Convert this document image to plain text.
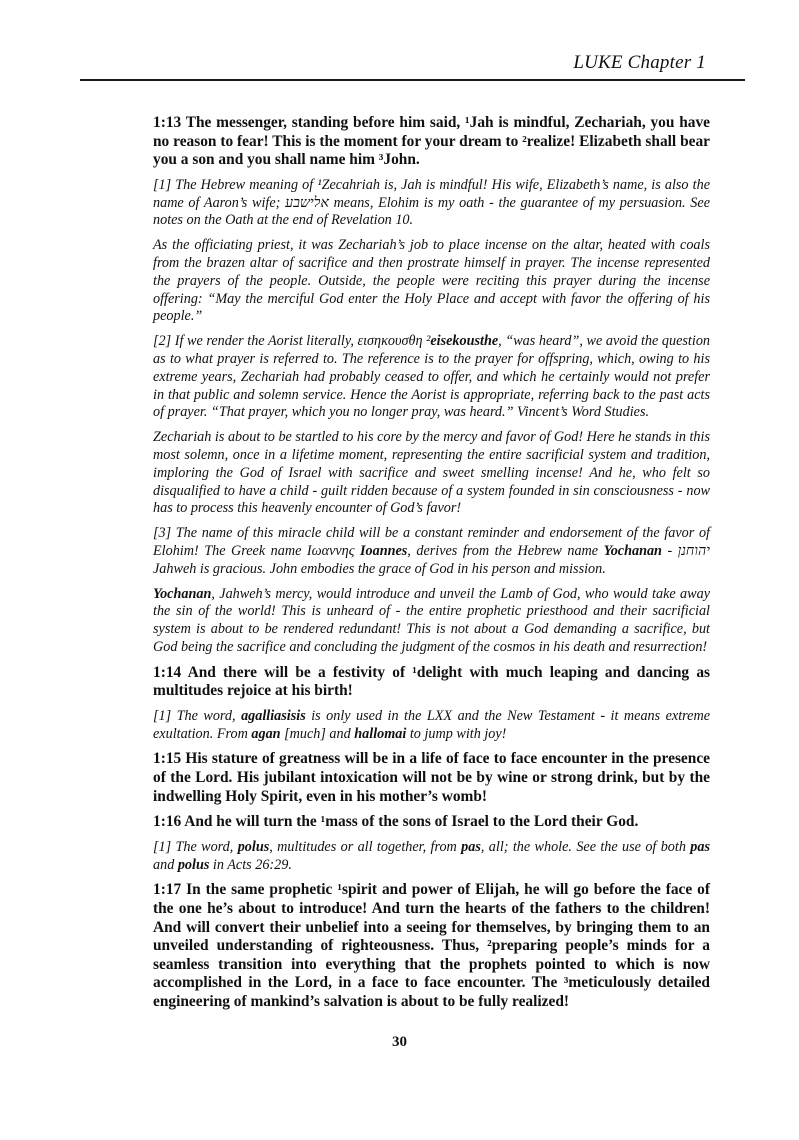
LUKE Chapter 1

1:13 The messenger, standing before him said, ¹Jah is mindful, Zechariah, you have no reason to fear! This is the moment for your dream to ²realize! Elizabeth shall bear you a son and you shall name him ³John.

[1] The Hebrew meaning of ¹Zecahriah is, Jah is mindful! His wife, Elizabeth’s name, is also the name of Aaron’s wife; אלישבע means, Elohim is my oath - the guarantee of my persuasion. See notes on the Oath at the end of Revelation 10.

As the officiating priest, it was Zechariah’s job to place incense on the altar, heated with coals from the brazen altar of sacrifice and then prostrate himself in prayer. The incense represented the prayers of the people. Outside, the people were reciting this prayer during the incense offering: “May the merciful God enter the Holy Place and accept with favor the offering of his people.”

[2] If we render the Aorist literally, εισηκουσθη ²eisekousthe, “was heard”, we avoid the question as to what prayer is referred to. The reference is to the prayer for offspring, which, owing to his extreme years, Zechariah had probably ceased to offer, and which he certainly would not prefer in that public and solemn service. Hence the Aorist is appropriate, referring back to the past acts of prayer. “That prayer, which you no longer pray, was heard.” Vincent’s Word Studies.

Zechariah is about to be startled to his core by the mercy and favor of God! Here he stands in this most solemn, once in a lifetime moment, representing the entire sacrificial system and tradition, imploring the God of Israel with sacrifice and sweet smelling incense! And he, who felt so disqualified to have a child - guilt ridden because of a system founded in sin consciousness - now has to process this heavenly encounter of God’s favor!

[3] The name of this miracle child will be a constant reminder and endorsement of the favor of Elohim! The Greek name Ιωαννης Ioannes, derives from the Hebrew name Yochanan - יהוחנן Jahweh is gracious. John embodies the grace of God in his person and mission.

Yochanan, Jahweh’s mercy, would introduce and unveil the Lamb of God, who would take away the sin of the world! This is unheard of - the entire prophetic priesthood and their sacrificial system is about to be rendered redundant! This is not about a God demanding a sacrifice, but God being the sacrifice and concluding the judgment of the cosmos in his death and resurrection!

1:14 And there will be a festivity of ¹delight with much leaping and dancing as multitudes rejoice at his birth!

[1] The word, agalliasisis is only used in the LXX and the New Testament - it means extreme exultation. From agan [much] and hallomai to jump with joy!

1:15 His stature of greatness will be in a life of face to face encounter in the presence of the Lord. His jubilant intoxication will not be by wine or strong drink, but by the indwelling Holy Spirit, even in his mother’s womb!

1:16 And he will turn the ¹mass of the sons of Israel to the Lord their God.

[1] The word, polus, multitudes or all together, from pas, all; the whole. See the use of both pas and polus in Acts 26:29.

1:17 In the same prophetic ¹spirit and power of Elijah, he will go before the face of the one he’s about to introduce! And turn the hearts of the fathers to the children! And will convert their unbelief into a seeing for themselves, by bringing them to an unveiled understanding of righteousness. Thus, ²preparing people’s minds for a seamless transition into everything that the prophets pointed to which is now accomplished in the Lord, in a face to face encounter. The ³meticulously detailed engineering of mankind’s salvation is about to be fully realized!

30
